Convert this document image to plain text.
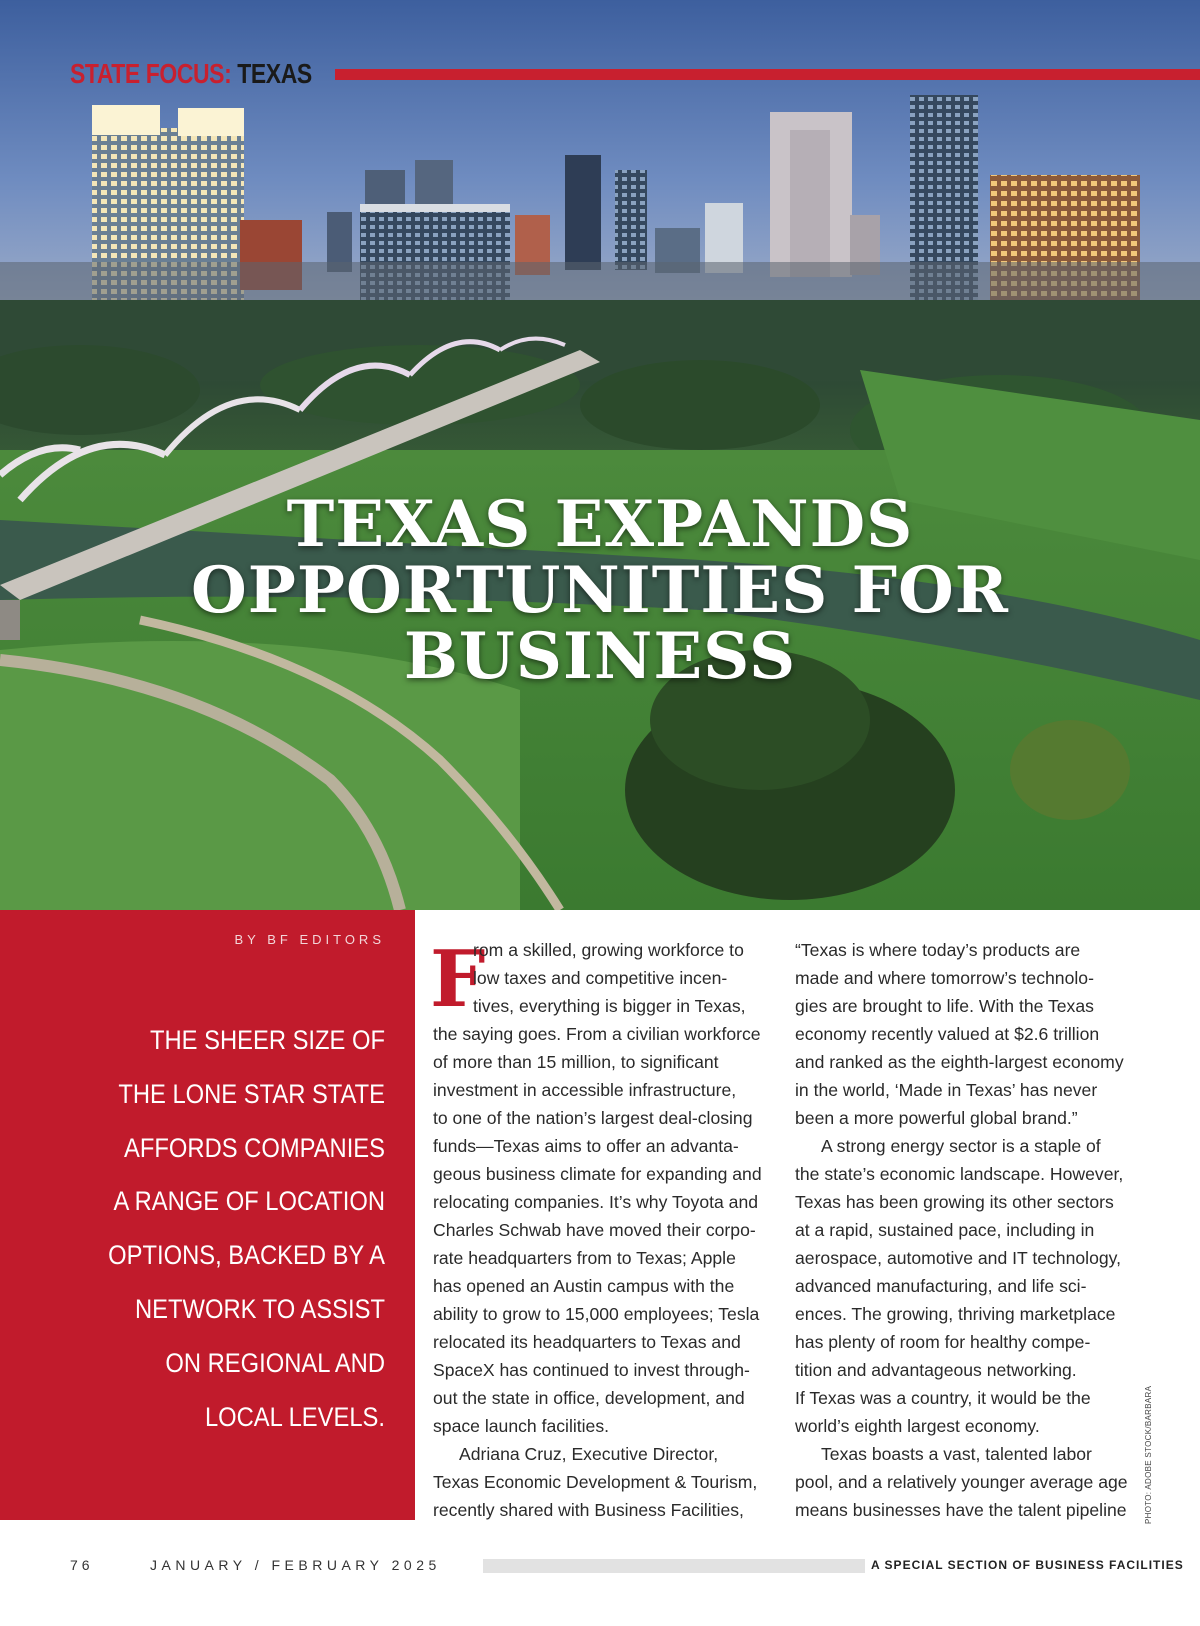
STATE FOCUS: TEXAS
TEXAS EXPANDS
OPPORTUNITIES FOR
BUSINESS
BY BF EDITORS
THE SHEER SIZE OF
THE LONE STAR STATE
AFFORDS COMPANIES
A RANGE OF LOCATION
OPTIONS, BACKED BY A
NETWORK TO ASSIST
ON REGIONAL AND
LOCAL LEVELS.
F
rom a skilled, growing workforce to
low taxes and competitive incen-
tives, everything is bigger in Texas,
the saying goes. From a civilian workforce
of more than 15 million, to significant
investment in accessible infrastructure,
to one of the nation’s largest deal-closing
funds—Texas aims to offer an advanta-
geous business climate for expanding and
relocating companies. It’s why Toyota and
Charles Schwab have moved their corpo-
rate headquarters from to Texas; Apple
has opened an Austin campus with the
ability to grow to 15,000 employees; Tesla
relocated its headquarters to Texas and
SpaceX has continued to invest through-
out the state in office, development, and
space launch facilities.
Adriana Cruz, Executive Director,
Texas Economic Development & Tourism,
recently shared with Business Facilities,
“Texas is where today’s products are
made and where tomorrow’s technolo-
gies are brought to life. With the Texas
economy recently valued at $2.6 trillion
and ranked as the eighth-largest economy
in the world, ‘Made in Texas’ has never
been a more powerful global brand.”
A strong energy sector is a staple of
the state’s economic landscape. However,
Texas has been growing its other sectors
at a rapid, sustained pace, including in
aerospace, automotive and IT technology,
advanced manufacturing, and life sci-
ences. The growing, thriving marketplace
has plenty of room for healthy compe-
tition and advantageous networking.
If Texas was a country, it would be the
world’s eighth largest economy.
Texas boasts a vast, talented labor
pool, and a relatively younger average age
means businesses have the talent pipeline	PHOTO: ADOBE STOCK/BARBARA
76	JANUARY / FEBRUARY 2025	A SPECIAL SECTION OF BUSINESS FACILITIES
